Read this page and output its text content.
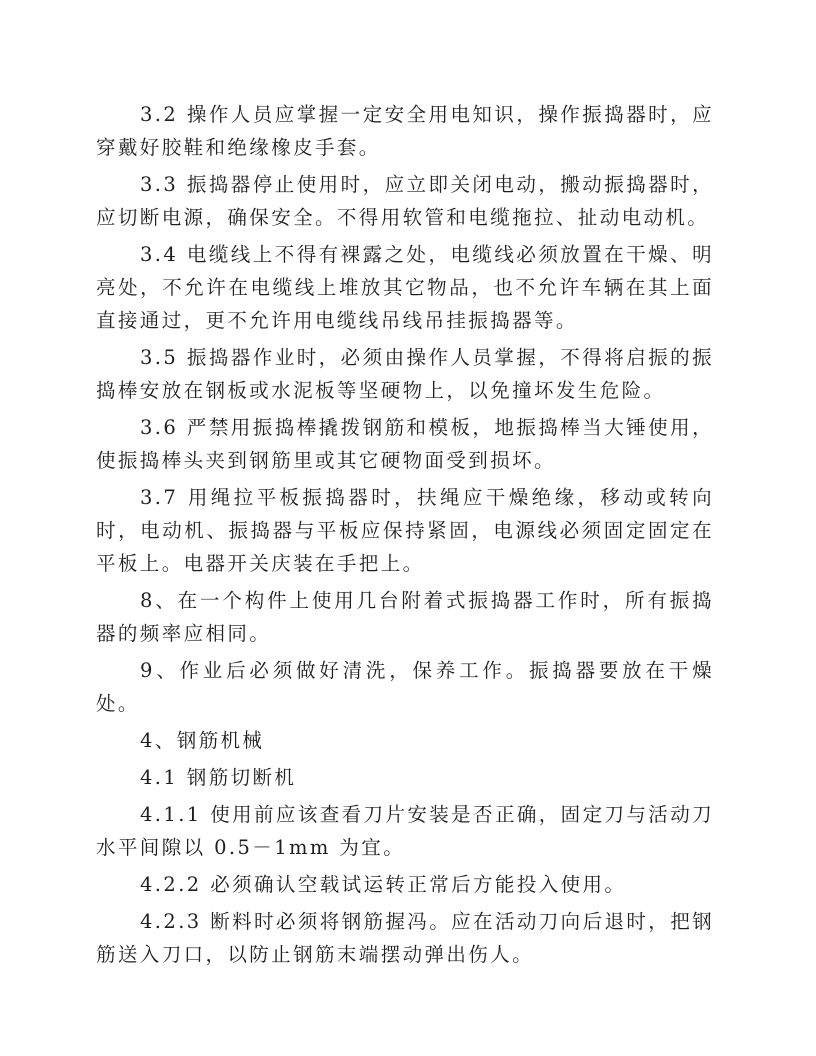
3.2 操作人员应掌握一定安全用电知识，操作振捣器时，应穿戴好胶鞋和绝缘橡皮手套。

3.3 振捣器停止使用时，应立即关闭电动，搬动振捣器时，应切断电源，确保安全。不得用软管和电缆拖拉、扯动电动机。

3.4 电缆线上不得有裸露之处，电缆线必须放置在干燥、明亮处，不允许在电缆线上堆放其它物品，也不允许车辆在其上面直接通过，更不允许用电缆线吊线吊挂振捣器等。

3.5 振捣器作业时，必须由操作人员掌握，不得将启振的振捣棒安放在钢板或水泥板等坚硬物上，以免撞坏发生危险。

3.6 严禁用振捣棒撬拨钢筋和模板，地振捣棒当大锤使用，使振捣棒头夹到钢筋里或其它硬物面受到损坏。

3.7 用绳拉平板振捣器时，扶绳应干燥绝缘，移动或转向时，电动机、振捣器与平板应保持紧固，电源线必须固定固定在平板上。电器开关庆装在手把上。

8、在一个构件上使用几台附着式振捣器工作时，所有振捣器的频率应相同。

9、作业后必须做好清洗，保养工作。振捣器要放在干燥处。

4、钢筋机械

4.1 钢筋切断机

4.1.1 使用前应该查看刀片安装是否正确，固定刀与活动刀水平间隙以 0.5－1mm 为宜。

4.2.2 必须确认空载试运转正常后方能投入使用。

4.2.3 断料时必须将钢筋握冯。应在活动刀向后退时，把钢筋送入刀口，以防止钢筋末端摆动弹出伤人。
